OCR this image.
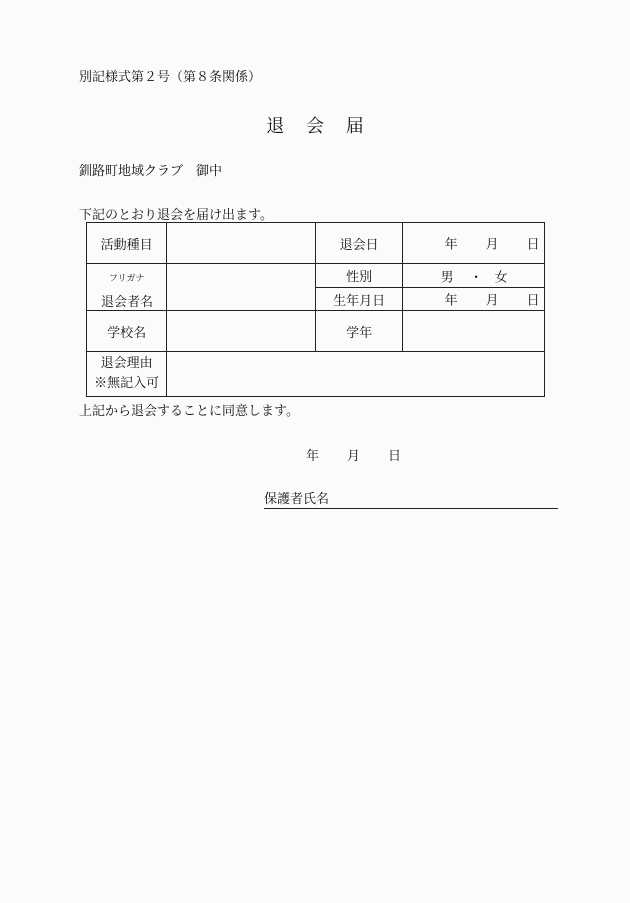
別記様式第２号（第８条関係）
退 会 届
釧路町地域クラブ　御中
下記のとおり退会を届け出ます。
活動種目		退会日	年 月 日

フリガナ
退会者名		性別	男 ・ 女

		生年月日	年 月 日

学校名		学年	

退会理由
※無記入可			

上記から退会することに同意します。
年 月 日
保護者氏名
